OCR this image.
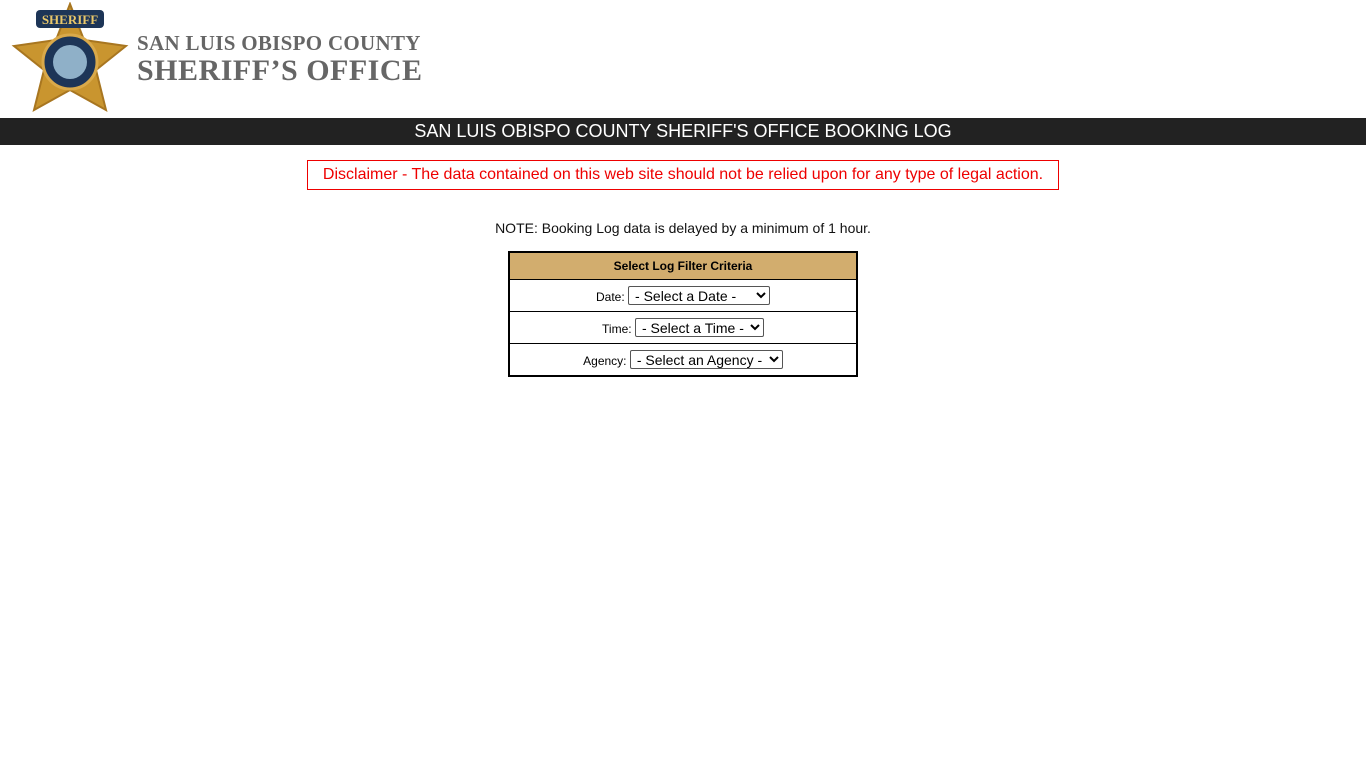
SHERIFF
SAN LUIS OBISPO COUNTY
SHERIFF’S OFFICE
SAN LUIS OBISPO COUNTY SHERIFF'S OFFICE BOOKING LOG
Disclaimer - The data contained on this web site should not be relied upon for any type of legal action.
NOTE: Booking Log data is delayed by a minimum of 1 hour.
Select Log Filter Criteria
Date:
- Select a Date -
Time:
- Select a Time -
Agency:
- Select an Agency -
